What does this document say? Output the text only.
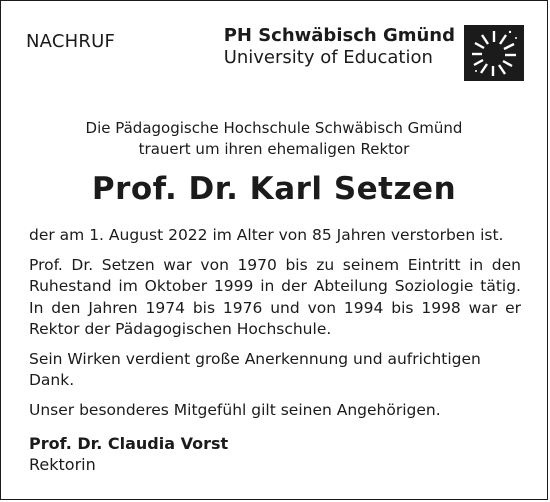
NACHRUF	PH Schwäbisch Gmünd
University of Education
Die Pädagogische Hochschule Schwäbisch Gmünd
trauert um ihren ehemaligen Rektor
Prof. Dr. Karl Setzen

der am 1. August 2022 im Alter von 85 Jahren verstorben ist.

Prof. Dr. Setzen war von 1970 bis zu seinem Eintritt in den Ruhestand im Oktober 1999 in der Abteilung Soziologie tätig. In den Jahren 1974 bis 1976 und von 1994 bis 1998 war er Rektor der Pädagogischen Hochschule.

Sein Wirken verdient große Anerkennung und aufrichtigen Dank.

Unser besonderes Mitgefühl gilt seinen Angehörigen.

Prof. Dr. Claudia Vorst
Rektorin
